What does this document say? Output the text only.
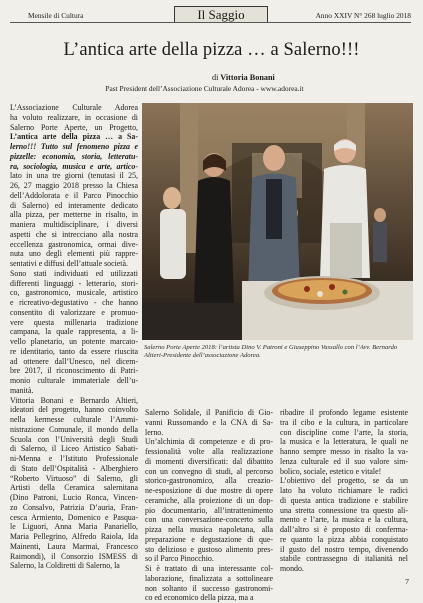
Mensile di Cultura	Il Saggio	Anno XXIV N° 268 luglio 2018
L’antica arte della pizza … a Salerno!!!
di Vittoria Bonani
Past President dell’Associazione Culturale Adorea - www.adorea.it
L’Associazione Culturale Adorea
ha voluto realizzare, in occasione di
Salerno Porte Aperte, un Progetto,
L’antica arte della pizza … a Sa-
lerno!!! Tutto sul fenomeno pizza e
pizzelle: economia, storia, letteratu-
ra, sociologia, musica e arte, artico-
lato in una tre giorni (tenutasi il 25,
26, 27 maggio 2018 presso la Chiesa
dell’Addolorata e il Parco Pinocchio
di Salerno) ed interamente dedicato
alla pizza, per metterne in risalto, in
maniera multidisciplinare, i diversi
aspetti che si intrecciano alla nostra
eccellenza gastronomica, ormai dive-
nuta uno degli elementi più rappre-
sentativi e diffusi dell’attuale società.
Sono stati individuati ed utilizzati
differenti linguaggi - letterario, stori-
co, gastronomico, musicale, artistico
e ricreativo-degustativo - che hanno
consentito di valorizzare e promuo-
vere questa millenaria tradizione
campana, la quale rappresenta, a li-
vello planetario, un potente marcato-
re identitario, tanto da essere riuscita
ad ottenere dall’Unesco, nel dicem-
bre 2017, il riconoscimento di Patri-
monio culturale immateriale dell’u-
manità.
Vittoria Bonani e Bernardo Altieri,
ideatori del progetto, hanno coinvolto
nella kermesse culturale l’Ammi-
nistrazione Comunale, il mondo della
Scuola con l’Università degli Studi
di Salerno, il Liceo Artistico Sabati-
ni-Menna e l’Istituto Professionale
di Stato dell’Ospitalità - Alberghiero
“Roberto Virtuoso” di Salerno, gli
Artisti della Ceramica salernitana
(Dino Patroni, Lucio Ronca, Vincen-
zo Consalvo, Patrizia D’auria, Fran-
cesca Armiento, Domenico e Pasqua-
le Liguori, Anna Maria Panariello,
Maria Pellegrino, Alfredo Raiola, Ida
Mainenti, Laura Marmai, Francesco
Raimondi), il Consorzio ISMESS di
Salerno, la Coldiretti di Salerno, la
Salerno Solidale, il Panificio di Gio-
vanni Russomando e la CNA di Sa-
lerno.
Un’alchimia di competenze e di pro-
fessionalità volte alla realizzazione
di momenti diversificati: dal dibattito
con un convegno di studi, al percorso
storico-gastronomico, alla creazio-
ne-esposizione di due mostre di opere
ceramiche, alla proiezione di un dop-
pio documentario, all’intrattenimento
con una conversazione-concerto sulla
pizza nella musica napoletana, alla
preparazione e degustazione di que-
sto delizioso e gustoso alimento pres-
so il Parco Pinocchio.
Si è trattato di una interessante col-
laborazione, finalizzata a sottolineare
non soltanto il successo gastronomi-
co ed economico della pizza, ma a
ribadire il profondo legame esistente
tra il cibo e la cultura, in particolare
con discipline come l’arte, la storia,
la musica e la letteratura, le quali ne
hanno sempre messo in risalto la va-
lenza culturale ed il suo valore sim-
bolico, sociale, estetico e vitale!
L’obiettivo del progetto, se da un
lato ha voluto richiamare le radici
di questa antica tradizione e stabilire
una stretta connessione tra questo ali-
mento e l’arte, la musica e la cultura,
dall’altro si è proposto di conferma-
re quanto la pizza abbia conquistato
il gusto del nostro tempo, divenendo
stabile contrassegno di italianità nel
mondo.
Salerno Porte Aperte 2018: l’artista Dino V. Patroni e Giuseppino Vassallo con l’Avv. Bernardo Altieri-Presidente dell’associazione Adorea.
7
